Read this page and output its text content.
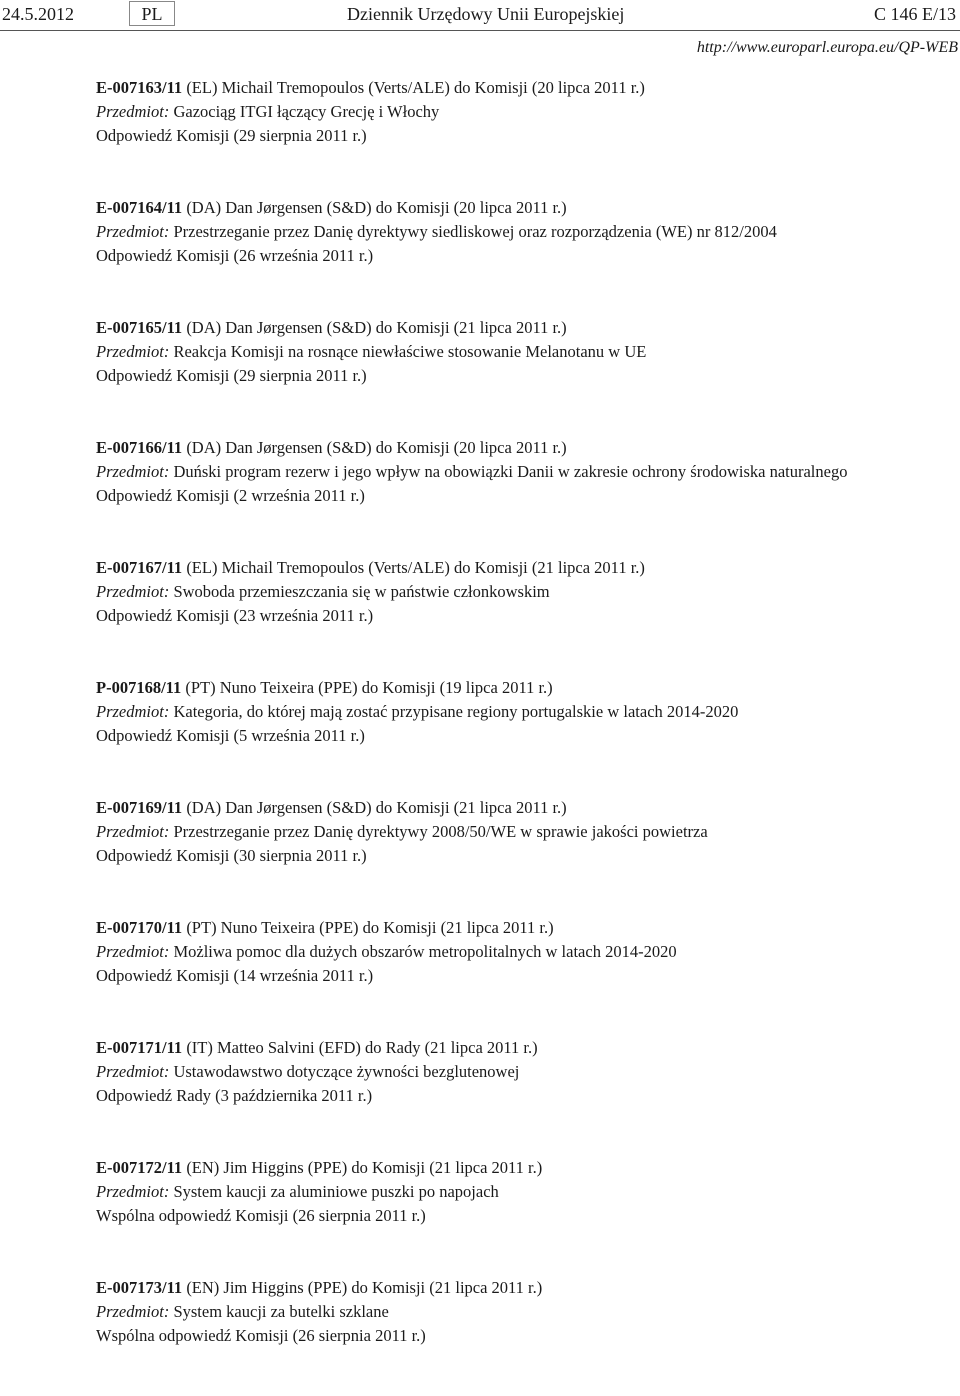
24.5.2012	PL	Dziennik Urzędowy Unii Europejskiej	C 146 E/13
http://www.europarl.europa.eu/QP-WEB

E-007163/11 (EL) Michail Tremopoulos (Verts/ALE) do Komisji (20 lipca 2011 r.)

Przedmiot: Gazociąg ITGI łączący Grecję i Włochy

Odpowiedź Komisji (29 sierpnia 2011 r.)

E-007164/11 (DA) Dan Jørgensen (S&D) do Komisji (20 lipca 2011 r.)

Przedmiot: Przestrzeganie przez Danię dyrektywy siedliskowej oraz rozporządzenia (WE) nr 812/2004

Odpowiedź Komisji (26 września 2011 r.)

E-007165/11 (DA) Dan Jørgensen (S&D) do Komisji (21 lipca 2011 r.)

Przedmiot: Reakcja Komisji na rosnące niewłaściwe stosowanie Melanotanu w UE

Odpowiedź Komisji (29 sierpnia 2011 r.)

E-007166/11 (DA) Dan Jørgensen (S&D) do Komisji (20 lipca 2011 r.)

Przedmiot: Duński program rezerw i jego wpływ na obowiązki Danii w zakresie ochrony środowiska naturalnego

Odpowiedź Komisji (2 września 2011 r.)

E-007167/11 (EL) Michail Tremopoulos (Verts/ALE) do Komisji (21 lipca 2011 r.)

Przedmiot: Swoboda przemieszczania się w państwie członkowskim

Odpowiedź Komisji (23 września 2011 r.)

P-007168/11 (PT) Nuno Teixeira (PPE) do Komisji (19 lipca 2011 r.)

Przedmiot: Kategoria, do której mają zostać przypisane regiony portugalskie w latach 2014-2020

Odpowiedź Komisji (5 września 2011 r.)

E-007169/11 (DA) Dan Jørgensen (S&D) do Komisji (21 lipca 2011 r.)

Przedmiot: Przestrzeganie przez Danię dyrektywy 2008/50/WE w sprawie jakości powietrza

Odpowiedź Komisji (30 sierpnia 2011 r.)

E-007170/11 (PT) Nuno Teixeira (PPE) do Komisji (21 lipca 2011 r.)

Przedmiot: Możliwa pomoc dla dużych obszarów metropolitalnych w latach 2014-2020

Odpowiedź Komisji (14 września 2011 r.)

E-007171/11 (IT) Matteo Salvini (EFD) do Rady (21 lipca 2011 r.)

Przedmiot: Ustawodawstwo dotyczące żywności bezglutenowej

Odpowiedź Rady (3 października 2011 r.)

E-007172/11 (EN) Jim Higgins (PPE) do Komisji (21 lipca 2011 r.)

Przedmiot: System kaucji za aluminiowe puszki po napojach

Wspólna odpowiedź Komisji (26 sierpnia 2011 r.)

E-007173/11 (EN) Jim Higgins (PPE) do Komisji (21 lipca 2011 r.)

Przedmiot: System kaucji za butelki szklane

Wspólna odpowiedź Komisji (26 sierpnia 2011 r.)
